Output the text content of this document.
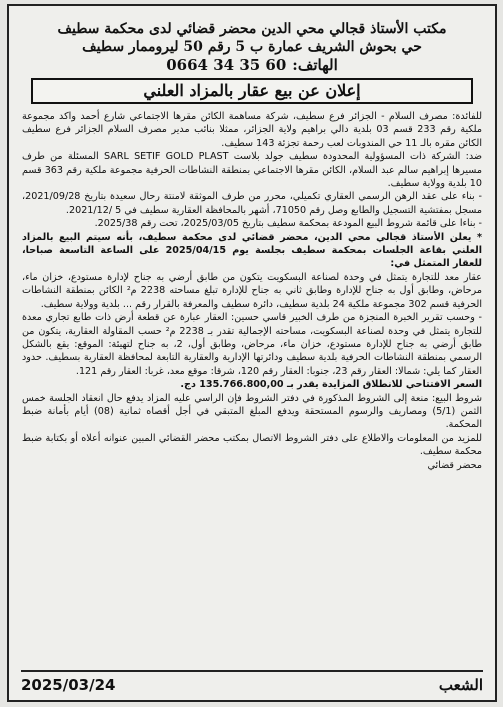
مكتب الأستاذ قجالي محي الدين محضر قضائي لدى محكمة سطيف
حي بحوش الشريف عمارة ب 5 رقم 50 ليروممار سطيف
الهاتف:
0664 34 35 60
إعلان عن بيع عقار بالمزاد العلني

للفائدة: مصرف السلام - الجزائر فرع سطيف، شركة مساهمة الكائن مقرها الاجتماعي شارع أحمد واكد مجموعة ملكية رقم 233 قسم 03 بلدية دالي براهيم ولاية الجزائر، ممثلا بنائب مدير مصرف السلام الجزائر فرع سطيف الكائن مقره بالـ 11 حي المندوبات لعب رحمة تجزئة 143 سطيف.

ضد: الشركة ذات المسؤولية المحدودة سطيف جولد بلاست SARL SETIF GOLD PLAST المسئلة من طرف مسيرها إبراهيم سالم عبد السلام، الكائن مقرها الاجتماعي بمنطقة النشاطات الحرفية مجموعة ملكية رقم 363 قسم 10 بلدية وولاية سطيف.

- بناء على عقد الرهن الرسمي العقاري تكميلي، محرر من طرف الموثقة لامنتة رحال سعيدة بتاريخ 2021/09/28، مسجل بمفتشية التسجيل والطابع وصل رقم 71050، أشهر بالمحافظة العقارية سطيف في 5 /2021/12.

- بناءا على قائمة شروط البيع المودعة بمحكمة سطيف بتاريخ 2025/03/05، تحت رقم 2025/38.

* يعلن الأستاذ قجالي محي الدين، محضر قضائي لدى محكمة سطيف، بأنه سيتم البيع بالمزاد العلني بقاعة الجلسات بمحكمة سطيف بجلسة يوم 2025/04/15 على الساعة التاسعة صباحا، للعقار المتمثل في:

عقار معد للتجارة يتمثل في وحدة لصناعة البسكويت يتكون من طابق أرضي به جناح لإدارة مستودع، خزان ماء، مرحاض، وطابق أول به جناح للإدارة وطابق ثاني به جناح للإدارة تبلغ مساحته 2238 م² الكائن بمنطقة النشاطات الحرفية قسم 302 مجموعة ملكية 24 بلدية سطيف، دائرة سطيف والمعرفة بالقرار رقم ... بلدية وولاية سطيف.

- وحسب تقرير الخبرة المنجزة من طرف الخبير قاسي حسين: العقار عبارة عن قطعة أرض ذات طابع تجاري معدة للتجارة يتمثل في وحدة لصناعة البسكويت، مساحته الإجمالية تقدر بـ 2238 م² حسب المقاولة العقارية، يتكون من طابق أرضي به جناح للإدارة مستودع، خزان ماء، مرحاض، وطابق أول، 2، به جناح لتهيئة: الموقع: يقع بالشكل الرسمي بمنطقة النشاطات الحرفية بلدية سطيف ودائرتها الإدارية والعقارية التابعة لمحافظة العقارية بسطيف. حدود العقار كما يلي: شمالا: العقار رقم 23، جنوبا: العقار رقم 120، شرقا: موقع معد، غربا: العقار رقم 121.

السعر الافتتاحي للانطلاق المزايدة يقدر بـ 135.766.800,00 دج.

شروط البيع: منعة إلى الشروط المذكورة في دفتر الشروط فإن الراسي عليه المزاد يدفع حال انعقاد الجلسة خمس الثمن (5/1) ومصاريف والرسوم المستحقة ويدفع المبلغ المتبقي في أجل أقصاه ثمانية (08) أيام بأمانة ضبط المحكمة.

للمزيد من المعلومات والاطلاع على دفتر الشروط الاتصال بمكتب محضر القضائي المبين عنوانه أعلاه أو بكتابة ضبط محكمة سطيف.

محضر قضائي
الشعب
2025/03/24
